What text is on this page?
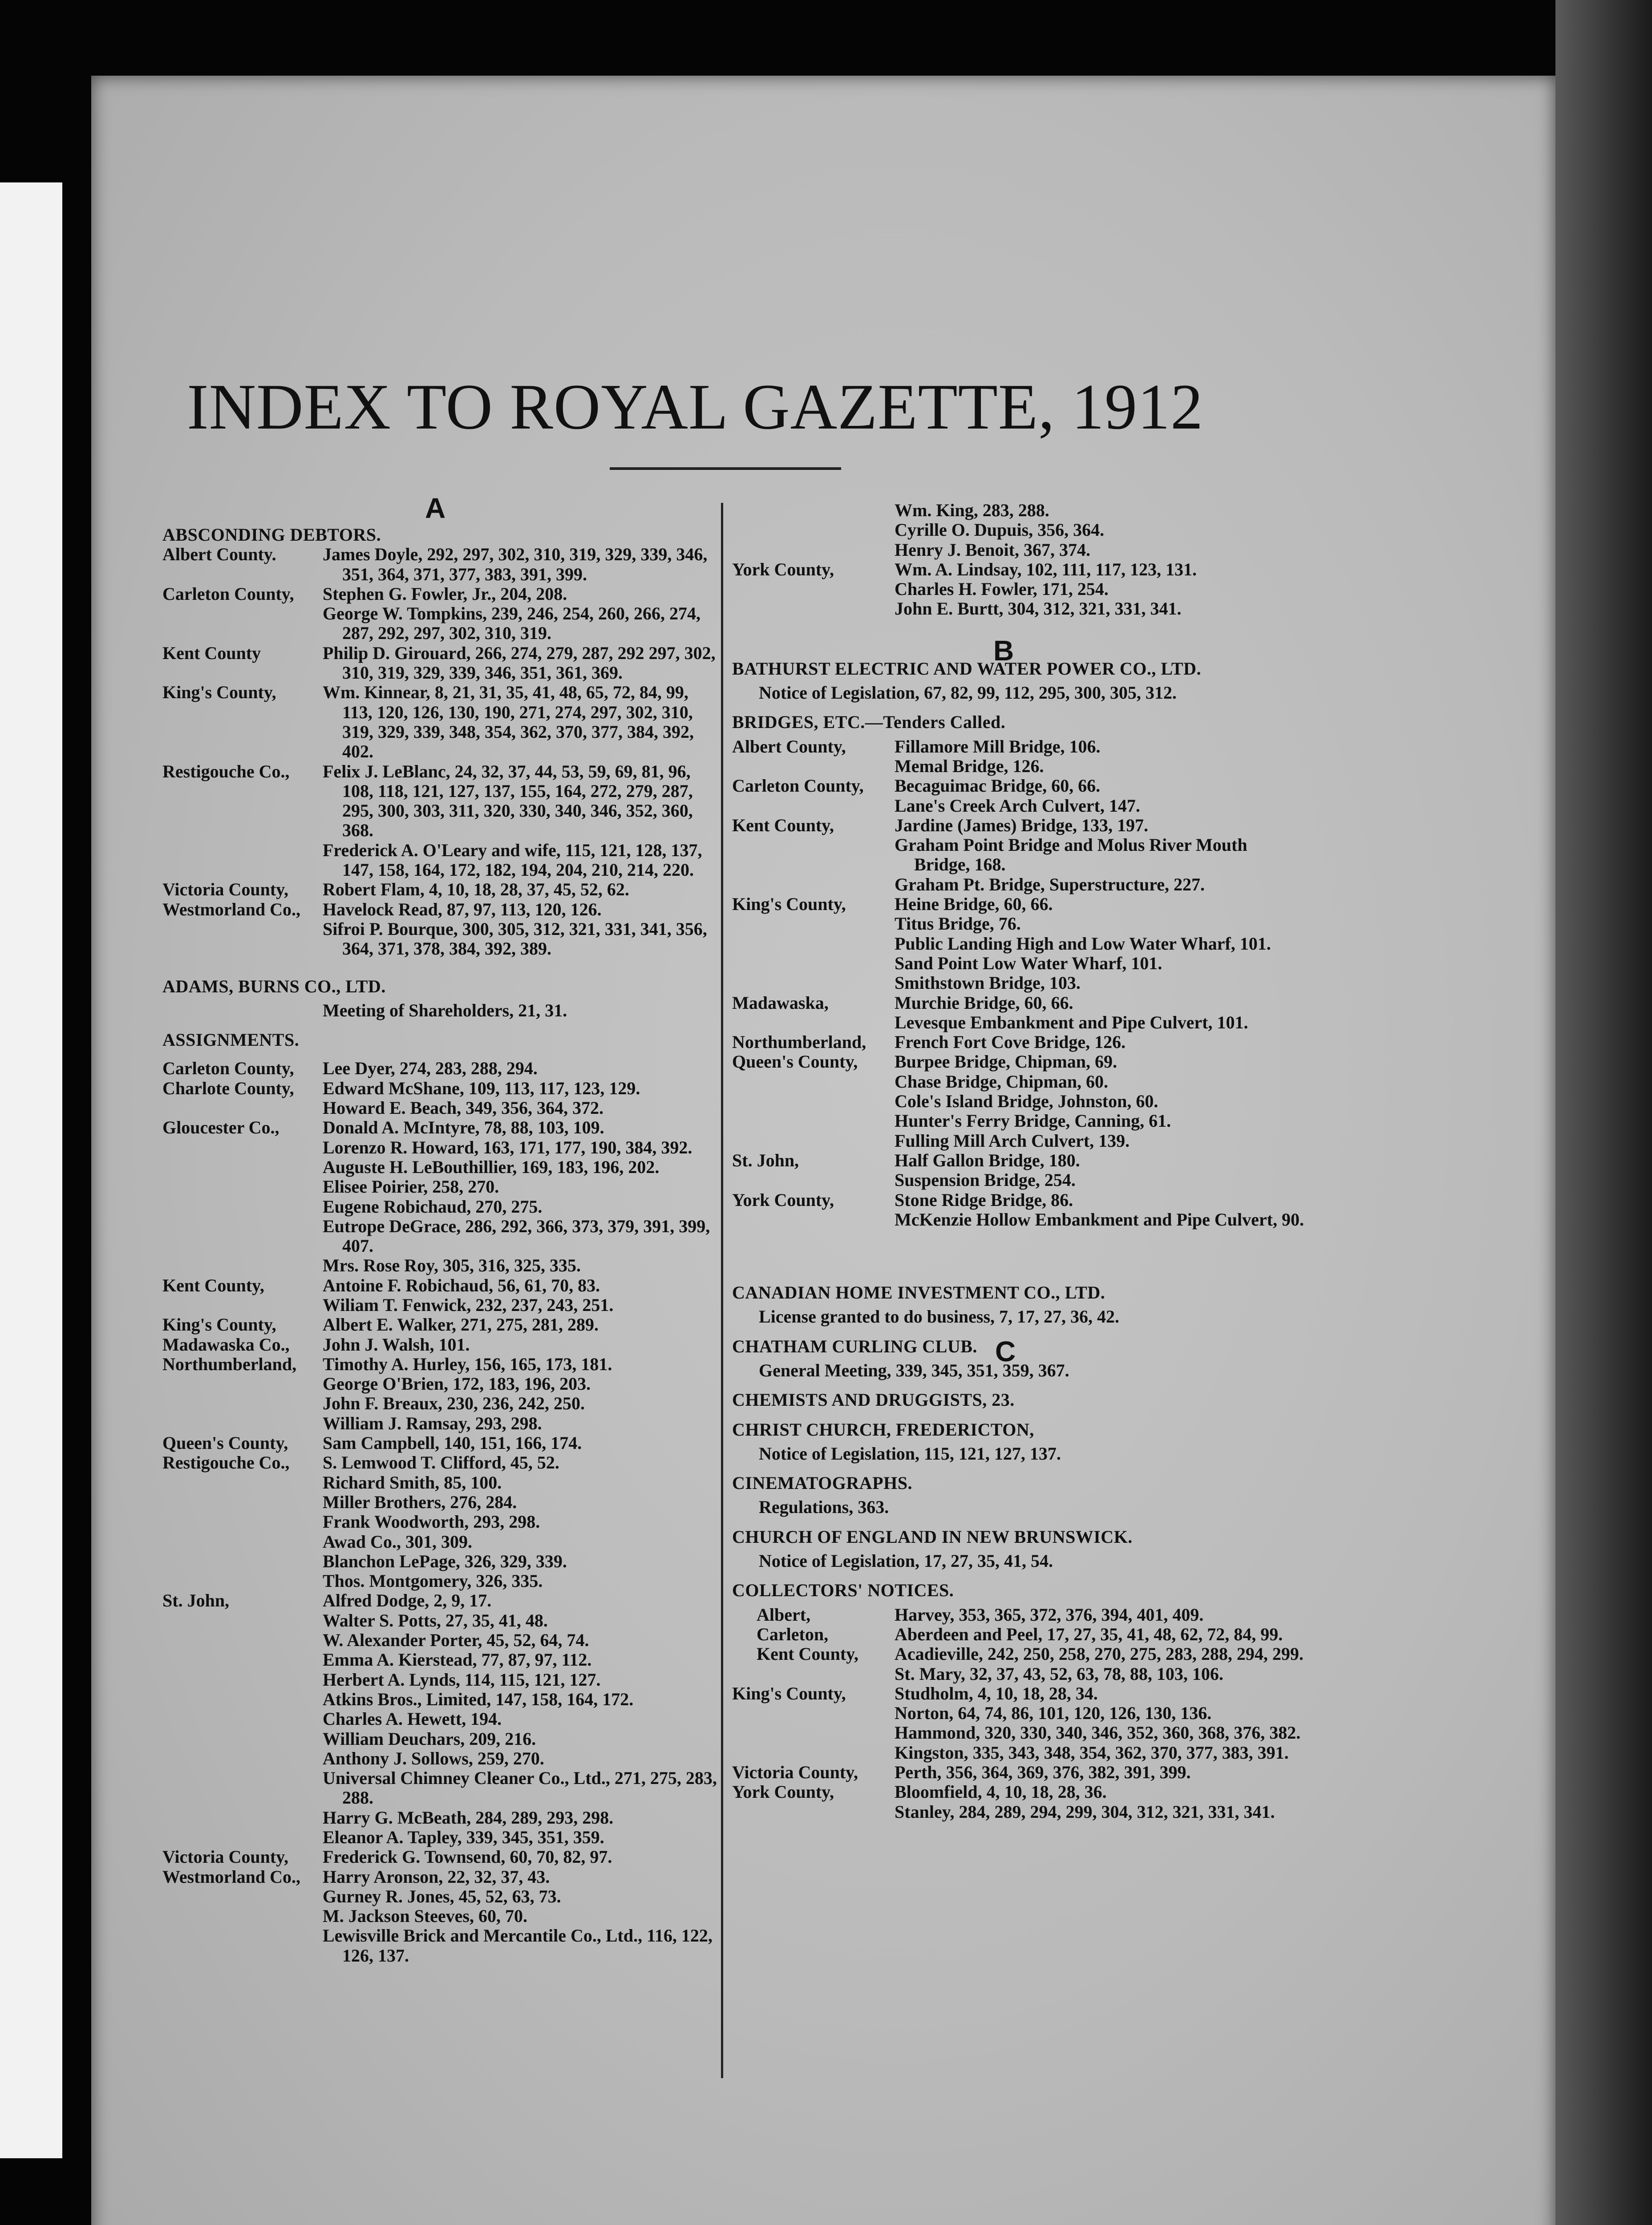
INDEX TO ROYAL GAZETTE, 1912
A
B
C
ABSCONDING DEBTORS.
Albert County.	James Doyle, 292, 297, 302, 310, 319, 329, 339, 346, 351, 364, 371, 377, 383, 391, 399.
Carleton County,	Stephen G. Fowler, Jr., 204, 208.
George W. Tompkins, 239, 246, 254, 260, 266, 274, 287, 292, 297, 302, 310, 319.
Kent County	Philip D. Girouard, 266, 274, 279, 287, 292 297, 302, 310, 319, 329, 339, 346, 351, 361, 369.
King's County,	Wm. Kinnear, 8, 21, 31, 35, 41, 48, 65, 72, 84, 99, 113, 120, 126, 130, 190, 271, 274, 297, 302, 310, 319, 329, 339, 348, 354, 362, 370, 377, 384, 392, 402.
Restigouche Co.,	Felix J. LeBlanc, 24, 32, 37, 44, 53, 59, 69, 81, 96, 108, 118, 121, 127, 137, 155, 164, 272, 279, 287, 295, 300, 303, 311, 320, 330, 340, 346, 352, 360, 368.
Frederick A. O'Leary and wife, 115, 121, 128, 137, 147, 158, 164, 172, 182, 194, 204, 210, 214, 220.
Victoria County,	Robert Flam, 4, 10, 18, 28, 37, 45, 52, 62.
Westmorland Co.,	Havelock Read, 87, 97, 113, 120, 126.
Sifroi P. Bourque, 300, 305, 312, 321, 331, 341, 356, 364, 371, 378, 384, 392, 389.
ADAMS, BURNS CO., LTD.
Meeting of Shareholders, 21, 31.
ASSIGNMENTS.
Carleton County,	Lee Dyer, 274, 283, 288, 294.
Charlote County,	Edward McShane, 109, 113, 117, 123, 129.
Howard E. Beach, 349, 356, 364, 372.
Gloucester Co.,	Donald A. McIntyre, 78, 88, 103, 109.
Lorenzo R. Howard, 163, 171, 177, 190, 384, 392.
Auguste H. LeBouthillier, 169, 183, 196, 202.
Elisee Poirier, 258, 270.
Eugene Robichaud, 270, 275.
Eutrope DeGrace, 286, 292, 366, 373, 379, 391, 399, 407.
Mrs. Rose Roy, 305, 316, 325, 335.
Kent County,	Antoine F. Robichaud, 56, 61, 70, 83.
Wiliam T. Fenwick, 232, 237, 243, 251.
King's County,	Albert E. Walker, 271, 275, 281, 289.
Madawaska Co.,	John J. Walsh, 101.
Northumberland,	Timothy A. Hurley, 156, 165, 173, 181.
George O'Brien, 172, 183, 196, 203.
John F. Breaux, 230, 236, 242, 250.
William J. Ramsay, 293, 298.
Queen's County,	Sam Campbell, 140, 151, 166, 174.
Restigouche Co.,	S. Lemwood T. Clifford, 45, 52.
Richard Smith, 85, 100.
Miller Brothers, 276, 284.
Frank Woodworth, 293, 298.
Awad Co., 301, 309.
Blanchon LePage, 326, 329, 339.
Thos. Montgomery, 326, 335.
St. John,	Alfred Dodge, 2, 9, 17.
Walter S. Potts, 27, 35, 41, 48.
W. Alexander Porter, 45, 52, 64, 74.
Emma A. Kierstead, 77, 87, 97, 112.
Herbert A. Lynds, 114, 115, 121, 127.
Atkins Bros., Limited, 147, 158, 164, 172.
Charles A. Hewett, 194.
William Deuchars, 209, 216.
Anthony J. Sollows, 259, 270.
Universal Chimney Cleaner Co., Ltd., 271, 275, 283, 288.
Harry G. McBeath, 284, 289, 293, 298.
Eleanor A. Tapley, 339, 345, 351, 359.
Victoria County,	Frederick G. Townsend, 60, 70, 82, 97.
Westmorland Co.,	Harry Aronson, 22, 32, 37, 43.
Gurney R. Jones, 45, 52, 63, 73.
M. Jackson Steeves, 60, 70.
Lewisville Brick and Mercantile Co., Ltd., 116, 122, 126, 137.
Wm. King, 283, 288.
Cyrille O. Dupuis, 356, 364.
Henry J. Benoit, 367, 374.
York County,	Wm. A. Lindsay, 102, 111, 117, 123, 131.
Charles H. Fowler, 171, 254.
John E. Burtt, 304, 312, 321, 331, 341.
BATHURST ELECTRIC AND WATER POWER CO., LTD.
Notice of Legislation, 67, 82, 99, 112, 295, 300, 305, 312.
BRIDGES, ETC.—Tenders Called.
Albert County,	Fillamore Mill Bridge, 106.
Memal Bridge, 126.
Carleton County,	Becaguimac Bridge, 60, 66.
Lane's Creek Arch Culvert, 147.
Kent County,	Jardine (James) Bridge, 133, 197.
Graham Point Bridge and Molus River Mouth Bridge, 168.
Graham Pt. Bridge, Superstructure, 227.
King's County,	Heine Bridge, 60, 66.
Titus Bridge, 76.
Public Landing High and Low Water Wharf, 101.
Sand Point Low Water Wharf, 101.
Smithstown Bridge, 103.
Madawaska,	Murchie Bridge, 60, 66.
Levesque Embankment and Pipe Culvert, 101.
Northumberland,	French Fort Cove Bridge, 126.
Queen's County,	Burpee Bridge, Chipman, 69.
Chase Bridge, Chipman, 60.
Cole's Island Bridge, Johnston, 60.
Hunter's Ferry Bridge, Canning, 61.
Fulling Mill Arch Culvert, 139.
St. John,	Half Gallon Bridge, 180.
Suspension Bridge, 254.
York County,	Stone Ridge Bridge, 86.
McKenzie Hollow Embankment and Pipe Culvert, 90.
CANADIAN HOME INVESTMENT CO., LTD.
License granted to do business, 7, 17, 27, 36, 42.
CHATHAM CURLING CLUB.
General Meeting, 339, 345, 351, 359, 367.
CHEMISTS AND DRUGGISTS, 23.
CHRIST CHURCH, FREDERICTON,
Notice of Legislation, 115, 121, 127, 137.
CINEMATOGRAPHS.
Regulations, 363.
CHURCH OF ENGLAND IN NEW BRUNSWICK.
Notice of Legislation, 17, 27, 35, 41, 54.
COLLECTORS' NOTICES.
Albert,	Harvey, 353, 365, 372, 376, 394, 401, 409.
Carleton,	Aberdeen and Peel, 17, 27, 35, 41, 48, 62, 72, 84, 99.
Kent County,	Acadieville, 242, 250, 258, 270, 275, 283, 288, 294, 299.
St. Mary, 32, 37, 43, 52, 63, 78, 88, 103, 106.
King's County,	Studholm, 4, 10, 18, 28, 34.
Norton, 64, 74, 86, 101, 120, 126, 130, 136.
Hammond, 320, 330, 340, 346, 352, 360, 368, 376, 382.
Kingston, 335, 343, 348, 354, 362, 370, 377, 383, 391.
Victoria County,	Perth, 356, 364, 369, 376, 382, 391, 399.
York County,	Bloomfield, 4, 10, 18, 28, 36.
Stanley, 284, 289, 294, 299, 304, 312, 321, 331, 341.
